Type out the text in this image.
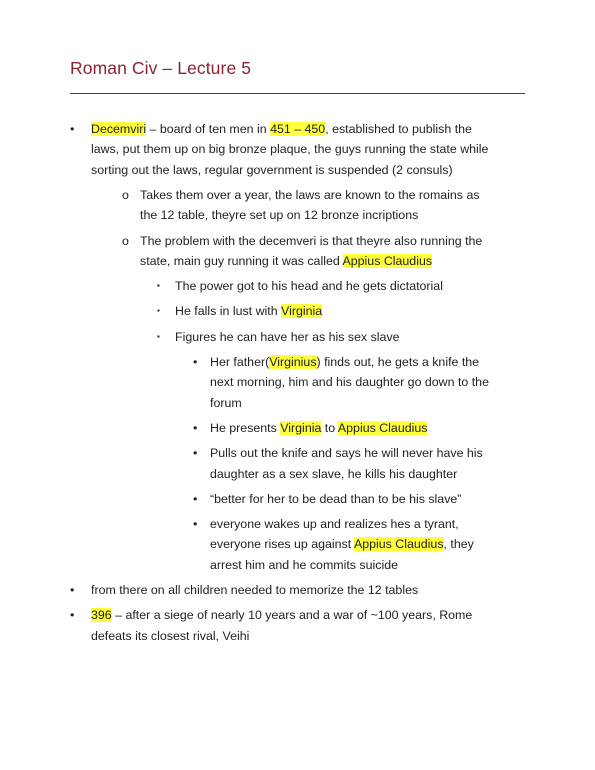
Roman Civ – Lecture 5
• Decemviri – board of ten men in 451 – 450, established to publish the
laws, put them up on big bronze plaque, the guys running the state while
sorting out the laws, regular government is suspended (2 consuls)
o Takes them over a year, the laws are known to the romains as
the 12 table, theyre set up on 12 bronze incriptions
o The problem with the decemveri is that theyre also running the
state, main guy running it was called Appius Claudius
▪ The power got to his head and he gets dictatorial
▪ He falls in lust with Virginia
▪ Figures he can have her as his sex slave
• Her father(Virginius) finds out, he gets a knife the
next morning, him and his daughter go down to the
forum
• He presents Virginia to Appius Claudius
• Pulls out the knife and says he will never have his
daughter as a sex slave, he kills his daughter
• “better for her to be dead than to be his slave”
• everyone wakes up and realizes hes a tyrant,
everyone rises up against Appius Claudius, they
arrest him and he commits suicide
• from there on all children needed to memorize the 12 tables
• 396 – after a siege of nearly 10 years and a war of ~100 years, Rome
defeats its closest rival, Veihi
